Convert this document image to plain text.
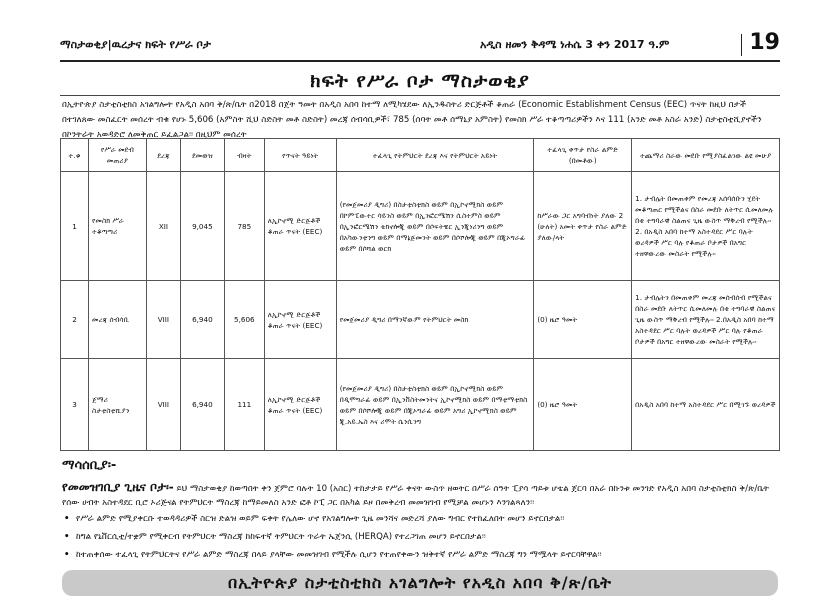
ማስታወቂያ|ዉረታና ክፍት የሥራ ቦታ	አዲስ ዘመን ቅዳሜ ነሐሴ 3 ቀን 2017 ዓ.ም	19
ክፍት የሥራ ቦታ ማስታወቂያ
በኢትዮጵያ ስታቲስቲክስ አገልግሎት የአዲስ አበባ ቅ/ጽ/ቤት በ2018 በጀት ዓመት በአዲስ አበባ ከተማ ለሚካሄደው ለኢንዱስትሪ ድርጅቶች ቆጠራ (Economic Establishment Census (EEC) ጥናት ከዚህ በታች በተገለጸው መስፈርት መሰረት ብቁ የሆኑ 5,606 (አምስት ሺህ ስድስት መቶ ስድስት) መረጃ ሰብሳቢዎች፣ 785 (ሰባት መቶ ሰማኒያ አምስት) የመስክ ሥራ ተቆጣጣሪዎችን እና 111 (አንድ መቶ አስራ አንድ) ስታቲስቲሺያኖችን በኮንትራት አወዳድሮ ለመቅጠር ይፈልጋል፡፡ በዚህም መሰረት
ተ.ቁ	የሥራ መደብ መጠሪያ	ደረጃ	ደመወዝ	ብዛት	የጥናት ዓይነት	ተፈላጊ የትምህርት ደረጃ እና የትምህርት አይነት	ተፈላጊ ቀጥታ የስራ ልምድ (በመቶው)	ተጨማሪ ስራው መደቡ የሚያስፈልገው ልዩ መሁያ
1	የመስክ ሥራ ተቆጣጣሪ	XII	9,045	785	ለኢኮኖሚ ድርጅቶች ቆጠራ ጥናት (EEC)	(የመጀመሪያ ዲግሪ) በስታቲስቲክስ ወይም በኢኮኖሚክስ ወይም በኮምፒውተር ሳይንስ ወይም በኢንፎርሜሽን ሲስተምስ ወይም በኢንፎርሜሽን ቴክኖሎጂ ወይም በሶፍትዌር ኢንጂነሪንግ ወይም በአካውንቲንግ ወይም በማኔጅመንት ወይም በሶሾሎጂ ወይም በጂኦግራፊ ወይም በሶሻል ወርክ	ከሥራው ጋር አግባብነት ያለው 2 (ሁለት) አመት ቀጥታ የስራ ልምድ ያለው/ላት	1. ታብሌት በመጠቀም የመረጃ አሰባሰቡን ሂደት መቆጣጠር የሚችልና በስራ መደቡ ለትጥር ሲመለመሉ በቂ ተግባራዊ ስልጠና ጊዜ ውስጥ ማቅረብ የሚችሉ፡፡ 2. በአዲስ አበባ ከተማ አስተዳደር ሥር ባሉት ወረዳዎች ሥር ባሉ የቆጠራ ቦታዎች በአግር ተዘዋውረው መስራት የሚችሉ፡፡
2	መረጃ ሰብሳቢ	VIII	6,940	5,606	ለኢኮኖሚ ድርጅቶች ቆጠራ ጥናት (EEC)	የመጀመሪያ ዲግሪ በማንኛውም የትምህርት መስክ	(0) ዜሮ ዓመት	1. ታብሌትን በመጠቀም መረጃ መሰብሰብ የሚችልና በስራ መደቡ ለትጥር ሲመለመሉ በቂ ተግባራዊ ስልጠና ጊዜ ውስጥ ማቅረብ የሚችሉ፡፡ 2.በአዲስ አበባ ከተማ አስተዳደር ሥር ባሉት ወረዳዎች ሥር ባሉ የቆጠራ ቦታዎች በአግር ተዘዋውረው መስራት የሚችሉ፡፡
3	ጀማሪ ስታቲስቲሺያን	VIII	6,940	111	ለኢኮኖሚ ድርጅቶች ቆጠራ ጥናት (EEC)	(የመጀመሪያ ዲግሪ) በስታቲስቲክስ ወይም በኢኮኖሚክስ ወይም በዲሞግራፊ ወይም በኢንቨስትመንትና ኢኮኖሚክስ ወይም በማቲማቲክስ ወይም በሶሾሎጂ ወይም በጂኦግራፊ ወይም አግሪ ኢኮኖሚክስ ወይም ጂ.አይ.ኤስ እና ሪሞት ሴንሲንግ	(0) ዜሮ ዓመት	በአዲስ አበባ ከተማ አስተዳደር ሥር በሚገኙ ወረዳዎች
ማሳሰቢያ፡-
የመመዝገቢያ ጊዜና ቦታ፡- ይህ ማስታወቂያ ከወጣበት ቀን ጀምሮ ባሉት 10 (አስር) ተከታታይ የሥራ ቀናት ውስጥ ዘወትር በሥራ ሰዓት ፒያሳ ጣይቱ ሆቴል ጀርባ በአራ በኩንቱ መንገድ የአዲስ አበባ ስታቲስቲክስ ቅ/ጽ/ቤት የሰው ሀብት አስተዳደር ቢሮ ኦሪጅናል የትምህርት ማስረጃ ከማይመለስ አንድ ፎቶ ኮፒ ጋር በአካል ይዞ በመቅረብ መመዝገብ የሚቻል መሆኑን እንገልጻለን፡፡
• የሥራ ልምድ የሚያቀርቡ ተወዳዳሪዎች ስርዝ ድልዝ ወይም ፍቀት የሌለው ሆኖ የአገልግሎት ጊዜ መንሻና መድረሻ ያለው ግብር የተከፈለበት መሆን ይኖርበታል፡፡
• ከግል የኒቨርሲቲ/ተቋም የሚቀርብ የትምህርት ማስረጃ ከከፍተኛ ትምህርት ጥራት ኤጀንሲ (HERQA) የተረጋገጠ መሆን ይኖርበታል፡፡
• ከተጠቀሰው ተፈላጊ የትምህርትና የሥራ ልምድ ማስረጃ በላይ ያላቸው መመዝገብ የሚችሉ ሲሆን የተጠየቀውን ዝቅተኛ የሥራ ልምድ ማስረጃ ግን ማሟላት ይኖርባቸዋል፡፡
በኢትዮጵያ ስታቲስቲክስ አገልግሎት የአዲስ አበባ ቅ/ጽ/ቤት
